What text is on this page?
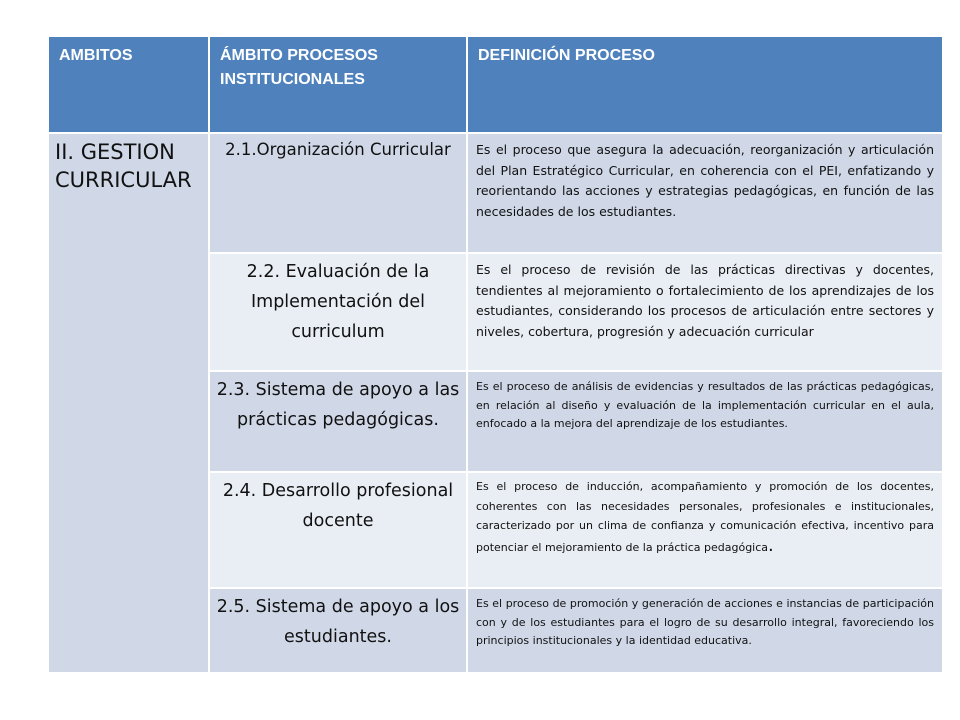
AMBITOS	ÁMBITO PROCESOS INSTITUCIONALES	DEFINICIÓN PROCESO
II. GESTION CURRICULAR	2.1.Organización Curricular	Es el proceso que asegura la adecuación, reorganización y articulación del Plan Estratégico Curricular, en coherencia con el PEI, enfatizando y reorientando las acciones y estrategias pedagógicas, en función de las necesidades de los estudiantes.
	2.2. Evaluación de la Implementación del curriculum	Es el proceso de revisión de las prácticas directivas y docentes, tendientes al mejoramiento o fortalecimiento de los aprendizajes de los estudiantes, considerando los procesos de articulación entre sectores y niveles, cobertura, progresión y adecuación curricular
	2.3. Sistema de apoyo a las prácticas pedagógicas.	Es el proceso de análisis de evidencias y resultados de las prácticas pedagógicas, en relación al diseño y evaluación de la implementación curricular en el aula, enfocado a la mejora del aprendizaje de los estudiantes.
	2.4. Desarrollo profesional docente	Es el proceso de inducción, acompañamiento y promoción de los docentes, coherentes con las necesidades personales, profesionales e institucionales, caracterizado por un clima de confianza y comunicación efectiva, incentivo para potenciar el mejoramiento de la práctica pedagógica.
	2.5. Sistema de apoyo a los estudiantes.	Es el proceso de promoción y generación de acciones e instancias de participación con y de los estudiantes para el logro de su desarrollo integral, favoreciendo los principios institucionales y la identidad educativa.
